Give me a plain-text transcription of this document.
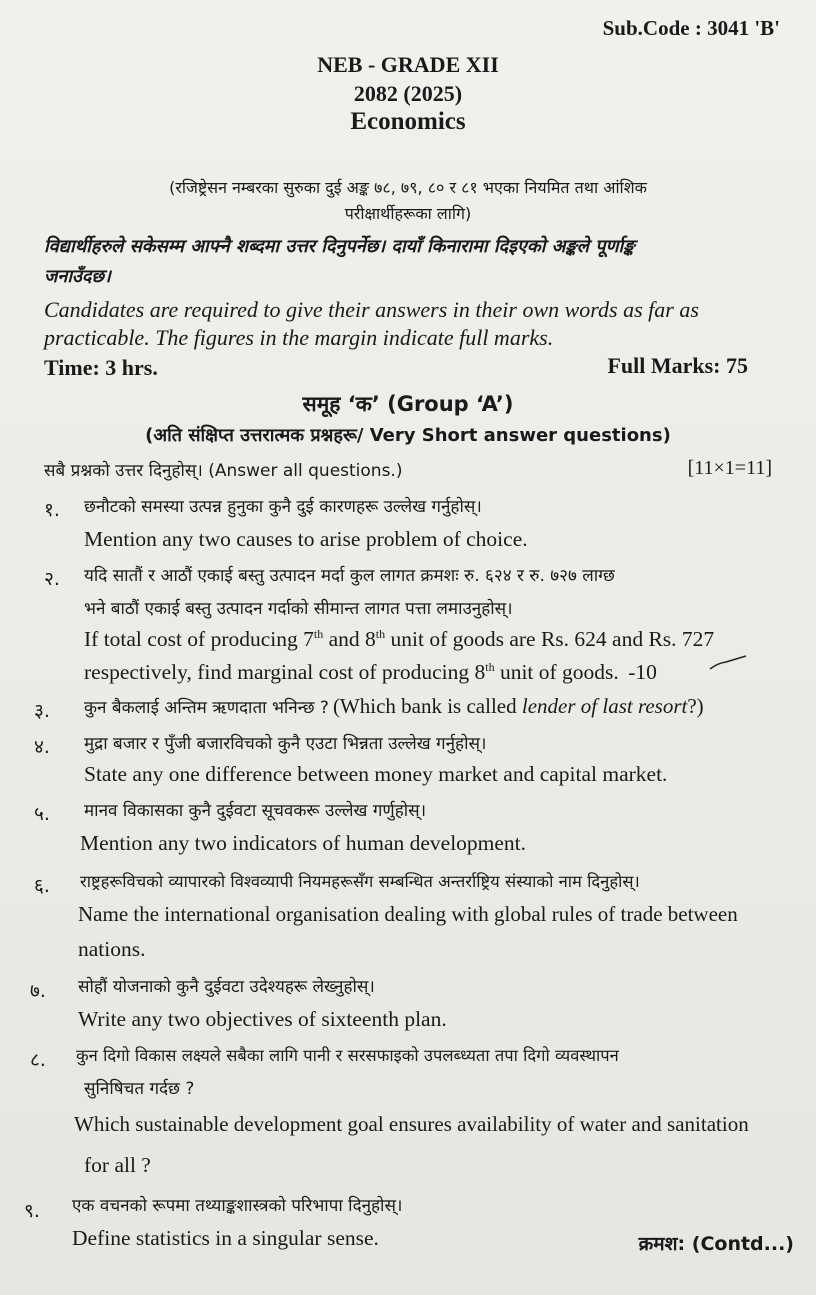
Sub.Code : 3041 'B'
NEB - GRADE XII
2082 (2025)
Economics
(रजिष्ट्रेसन नम्बरका सुरुका दुई अङ्क ७८, ७९, ८० र ८१ भएका नियमित तथा आंशिक
परीक्षार्थीहरूका लागि)
विद्यार्थीहरुले सकेसम्म आफ्नै शब्दमा उत्तर दिनुपर्नेछ। दायाँ किनारामा दिइएको अङ्कले पूर्णाङ्क
जनाउँदछ।
Candidates are required to give their answers in their own words as far as
practicable. The figures in the margin indicate full marks.
Time: 3 hrs.	Full Marks: 75
समूह ‘क’ (Group ‘A’)
(अति संक्षिप्त उत्तरात्मक प्रश्नहरू/ Very Short answer questions)
सबै प्रश्नको उत्तर दिनुहोस्। (Answer all questions.)	[11×1=11]
१. छनौटको समस्या उत्पन्न हुनुका कुनै दुई कारणहरू उल्लेख गर्नुहोस्।
Mention any two causes to arise problem of choice.
२. यदि सातौं र आठौं एकाई बस्तु उत्पादन मर्दा कुल लागत क्रमशः रु. ६२४ र रु. ७२७ लाग्छ
भने बाठौं एकाई बस्तु उत्पादन गर्दाको सीमान्त लागत पत्ता लमाउनुहोस्।
If total cost of producing 7th and 8th unit of goods are Rs. 624 and Rs. 727
respectively, find marginal cost of producing 8th unit of goods. -10
३. कुन बैकलाई अन्तिम ऋणदाता भनिन्छ ? (Which bank is called lender of last resort?)
४. मुद्रा बजार र पुँजी बजारविचको कुनै एउटा भिन्नता उल्लेख गर्नुहोस्।
State any one difference between money market and capital market.
५. मानव विकासका कुनै दुईवटा सूचवकरू उल्लेख गर्णुहोस्।
Mention any two indicators of human development.
६. राष्ट्रहरूविचको व्यापारको विश्वव्यापी नियमहरूसँग सम्बन्धित अन्तर्राष्ट्रिय संस्याको नाम दिनुहोस्।
Name the international organisation dealing with global rules of trade between
nations.
७. सोहौं योजनाको कुनै दुईवटा उदेश्यहरू लेख्नुहोस्।
Write any two objectives of sixteenth plan.
८. कुन दिगो विकास लक्ष्यले सबैका लागि पानी र सरसफाइको उपलब्ध्यता तपा दिगो व्यवस्थापन
सुनिषिचत गर्दछ ?
Which sustainable development goal ensures availability of water and sanitation
for all ?
९. एक वचनको रूपमा तथ्याङ्कशास्त्रको परिभापा दिनुहोस्।
Define statistics in a singular sense.	क्रमश: (Contd...)
